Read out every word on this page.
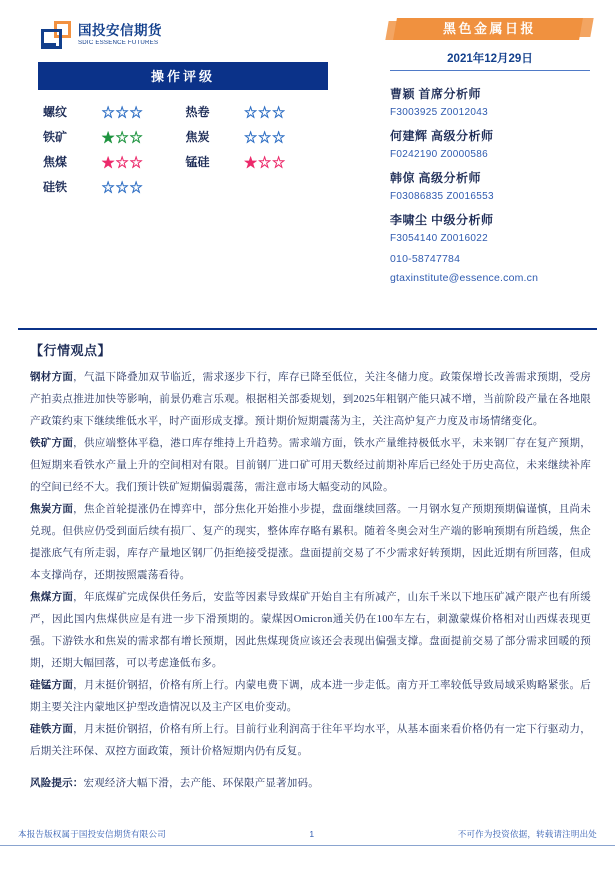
国投安信期货
SDIC ESSENCE FUTURES
操作评级
螺纹	☆☆☆	热卷	☆☆☆
铁矿	★☆☆	焦炭	☆☆☆
焦煤	★☆☆	锰硅	★☆☆
硅铁	☆☆☆		
黑色金属日报
2021年12月29日
曹颖 首席分析师
F3003925 Z0012043
何建辉 高级分析师
F0242190 Z0000586
韩倞 高级分析师
F03086835 Z0016553
李啸尘 中级分析师
F3054140 Z0016022
010-58747784
gtaxinstitute@essence.com.cn
【行情观点】
钢材方面，气温下降叠加双节临近，需求逐步下行，库存已降至低位，关注冬储力度。政策保增长改善需求预期，受房产拍卖点推进加快等影响，前景仍难言乐观。根据相关部委规划，到2025年粗钢产能只减不增，当前阶段产量在各地限产政策约束下继续维低水平，时产面形成支撑。预计期价短期震荡为主，关注高炉复产力度及市场情绪变化。
铁矿方面，供应端整体平稳，港口库存维持上升趋势。需求端方面，铁水产量维持极低水平，未来钢厂存在复产预期，但短期来看铁水产量上升的空间相对有限。目前钢厂进口矿可用天数经过前期补库后已经处于历史高位，未来继续补库的空间已经不大。我们预计铁矿短期偏弱震荡，需注意市场大幅变动的风险。
焦炭方面，焦企首轮提涨仍在博弈中，部分焦化开始推小步提，盘面继续回落。一月钢水复产预期预期偏谨慎，且尚未兑现。但供应仍受到面后续有损厂、复产的现实，整体库存略有累积。随着冬奥会对生产端的影响预期有所趋缓，焦企提涨底气有所走弱，库存产量地区钢厂仍拒绝接受提涨。盘面提前交易了不少需求好转预期，因此近期有所回落，但成本支撑尚存，还期按照震荡看待。
焦煤方面，年底煤矿完成保供任务后，安监等因素导致煤矿开始自主有所减产，山东千米以下地压矿减产限产也有所缓严，因此国内焦煤供应是有进一步下滑预期的。蒙煤因Omicron通关仍在100车左右，刺激蒙煤价格相对山西煤表现更强。下游铁水和焦炭的需求都有增长预期，因此焦煤现货应该还会表现出偏强支撑。盘面提前交易了部分需求回暖的预期，还期大幅回落，可以考虑逢低布多。
硅锰方面，月末挺价钢招，价格有所上行。内蒙电费下调，成本进一步走低。南方开工率较低导致局域采购略紧张。后期主要关注内蒙地区护型改造情况以及主产区电价变动。
硅铁方面，月末挺价钢招，价格有所上行。目前行业利润高于往年平均水平，从基本面来看价格仍有一定下行驱动力，后期关注环保、双控方面政策，预计价格短期内仍有反复。
风险提示：宏观经济大幅下滑，去产能、环保限产显著加码。
本报告版权属于国投安信期货有限公司	1	不可作为投资依据，转载请注明出处
